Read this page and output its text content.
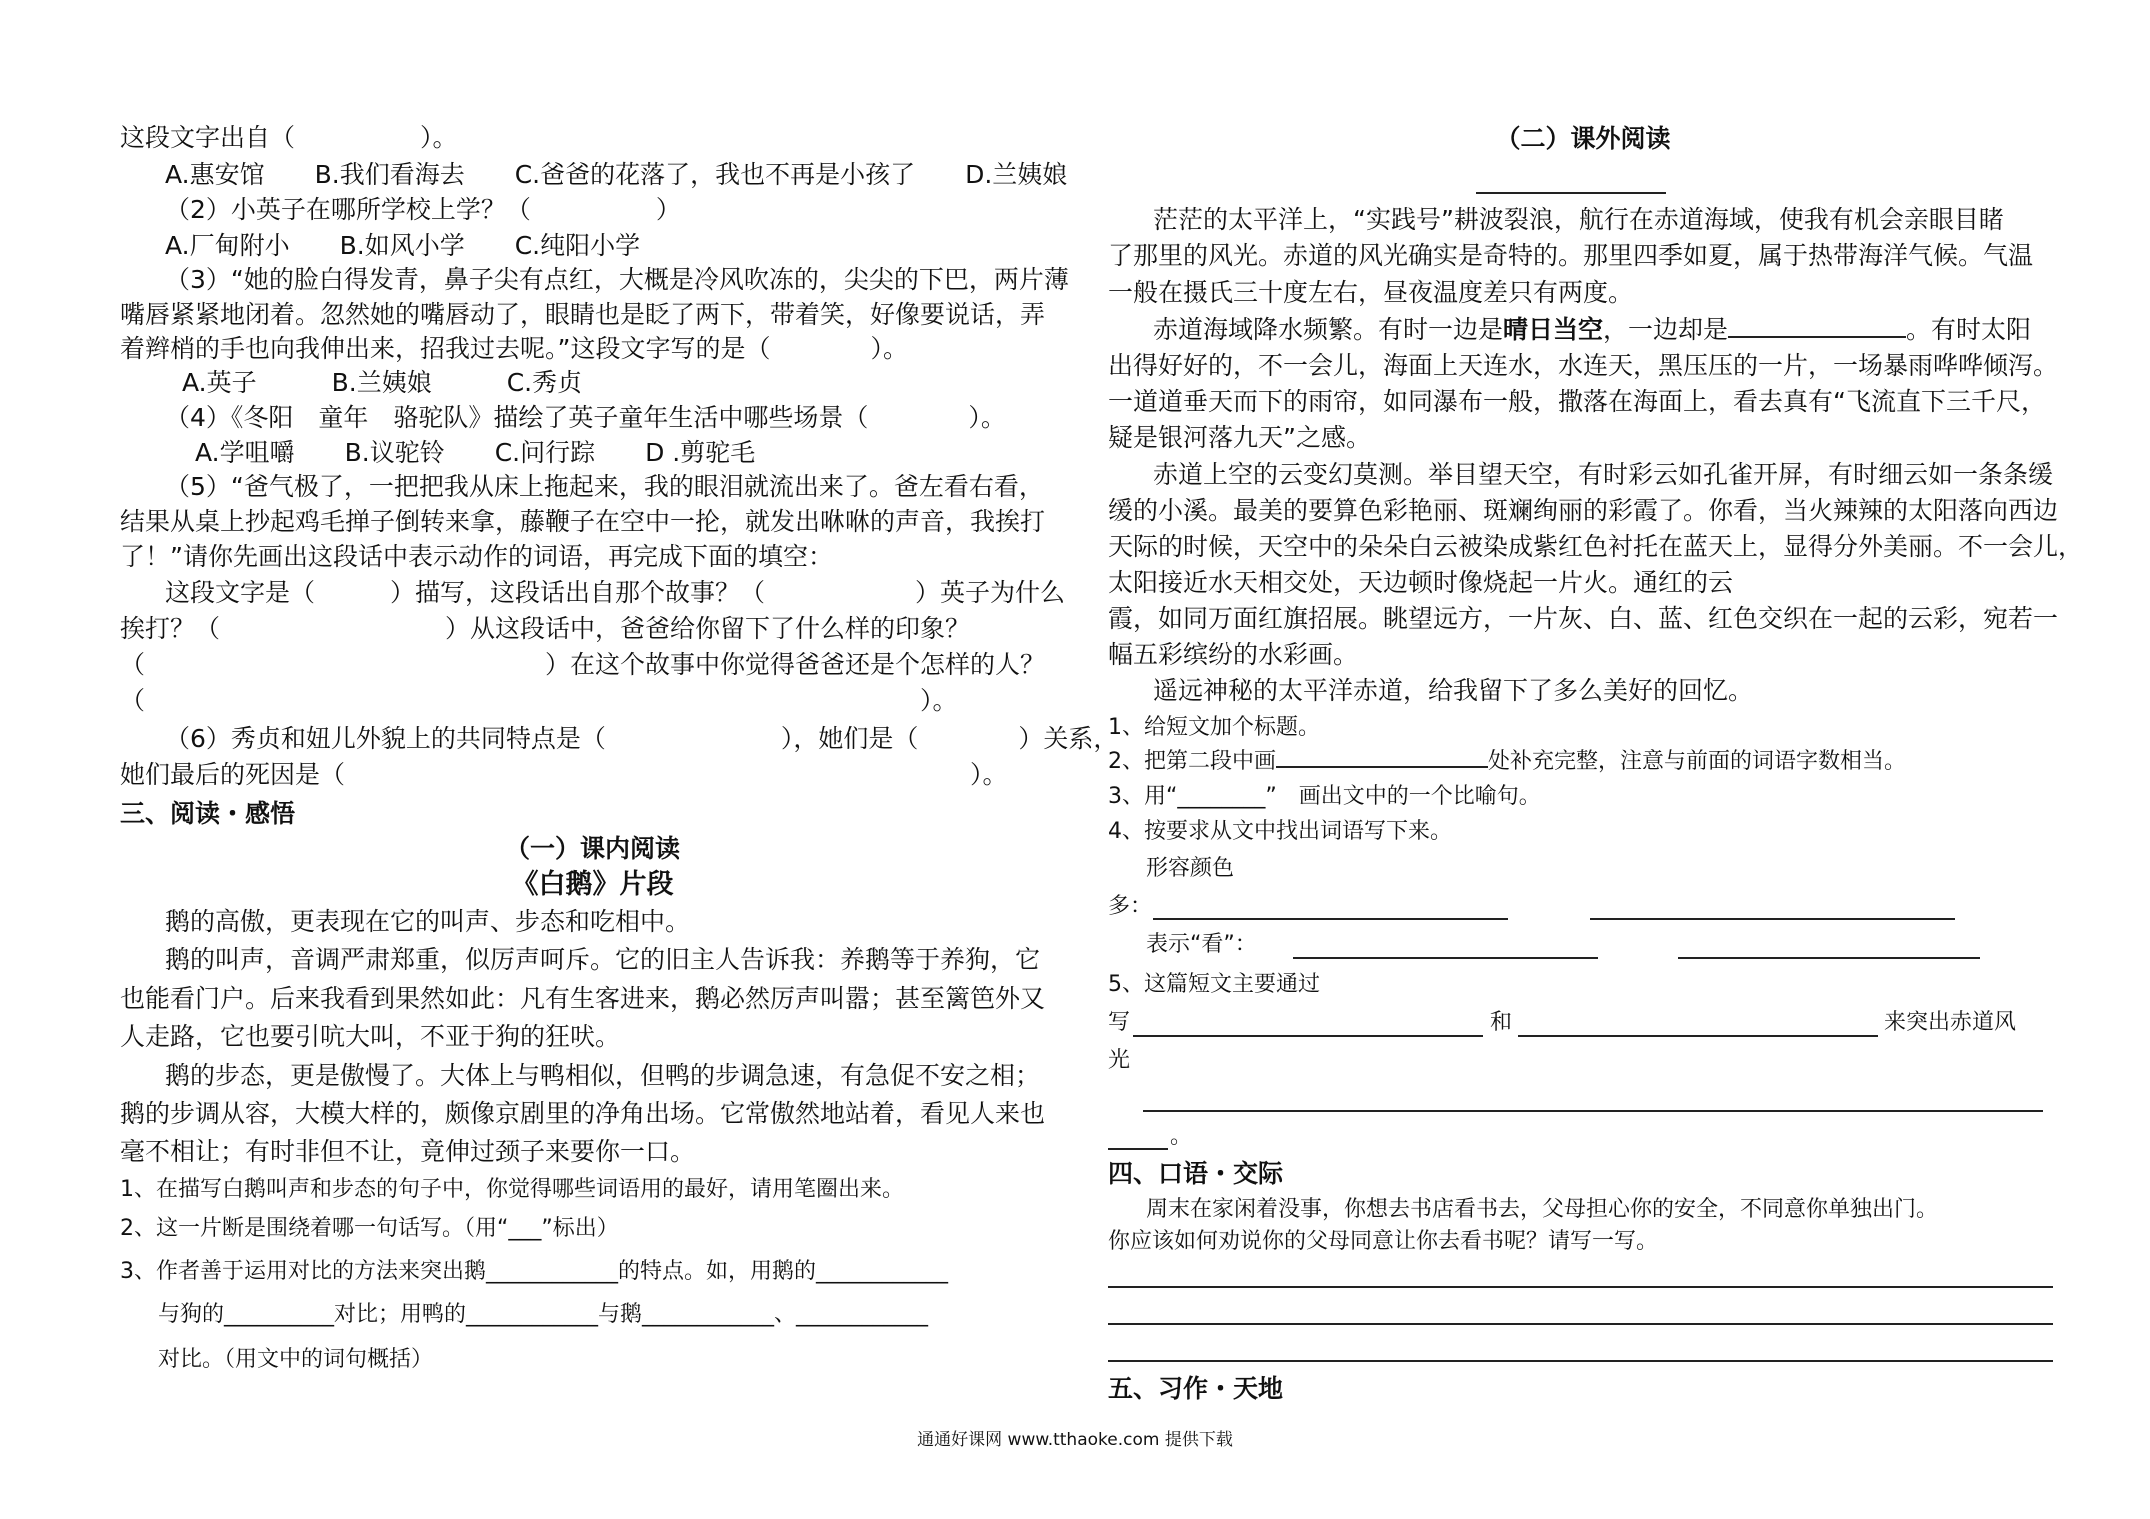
这段文字出自（　　　　　）。
A.惠安馆　　B.我们看海去　　C.爸爸的花落了，我也不再是小孩了　　D.兰姨娘
（2）小英子在哪所学校上学？（　　　　　）
A.厂甸附小　　B.如风小学　　C.纯阳小学
（3）“她的脸白得发青，鼻子尖有点红，大概是冷风吹冻的，尖尖的下巴，两片薄
嘴唇紧紧地闭着。忽然她的嘴唇动了，眼睛也是眨了两下，带着笑，好像要说话，弄
着辫梢的手也向我伸出来，招我过去呢。”这段文字写的是（　　　　）。
A.英子　　　B.兰姨娘　　　C.秀贞
（4）《冬阳　童年　骆驼队》描绘了英子童年生活中哪些场景（　　　　）。
A.学咀嚼　　B.议驼铃　　C.问行踪　　D .剪驼毛
（5）“爸气极了，一把把我从床上拖起来，我的眼泪就流出来了。爸左看右看，
结果从桌上抄起鸡毛掸子倒转来拿，藤鞭子在空中一抡，就发出咻咻的声音，我挨打
了！”请你先画出这段话中表示动作的词语，再完成下面的填空：
这段文字是（　　　）描写，这段话出自那个故事？（　　　　　　）英子为什么
挨打？（　　　　　　　　　）从这段话中，爸爸给你留下了什么样的印象？
（　　　　　　　　　　　　　　　　）在这个故事中你觉得爸爸还是个怎样的人？
（　　　　　　　　　　　　　　　　　　　　　　　　　　　　　　　）。
（6）秀贞和妞儿外貌上的共同特点是（　　　　　　　），她们是（　　　　）关系，
她们最后的死因是（　　　　　　　　　　　　　　　　　　　　　　　　　）。
三、阅读・感悟
（一）课内阅读
《白鹅》片段
鹅的高傲，更表现在它的叫声、步态和吃相中。
鹅的叫声，音调严肃郑重，似厉声呵斥。它的旧主人告诉我：养鹅等于养狗，它
也能看门户。后来我看到果然如此：凡有生客进来，鹅必然厉声叫嚣；甚至篱笆外又
人走路，它也要引吭大叫，不亚于狗的狂吠。
鹅的步态，更是傲慢了。大体上与鸭相似，但鸭的步调急速，有急促不安之相；
鹅的步调从容，大模大样的，颇像京剧里的净角出场。它常傲然地站着，看见人来也
毫不相让；有时非但不让，竟伸过颈子来要你一口。
1、在描写白鹅叫声和步态的句子中，你觉得哪些词语用的最好，请用笔圈出来。
2、这一片断是围绕着哪一句话写。（用“___”标出）
3、作者善于运用对比的方法来突出鹅____________的特点。如，用鹅的____________
与狗的__________对比；用鸭的____________与鹅____________、____________
对比。（用文中的词句概括）
（二）课外阅读
茫茫的太平洋上，“实践号”耕波裂浪，航行在赤道海域，使我有机会亲眼目睹
了那里的风光。赤道的风光确实是奇特的。那里四季如夏，属于热带海洋气候。气温
一般在摄氏三十度左右，昼夜温度差只有两度。
赤道海域降水频繁。有时一边是晴日当空，一边却是	。有时太阳
出得好好的，不一会儿，海面上天连水，水连天，黑压压的一片，一场暴雨哗哗倾泻。
一道道垂天而下的雨帘，如同瀑布一般，撒落在海面上，看去真有“飞流直下三千尺，
疑是银河落九天”之感。
赤道上空的云变幻莫测。举目望天空，有时彩云如孔雀开屏，有时细云如一条条缓
缓的小溪。最美的要算色彩艳丽、斑斓绚丽的彩霞了。你看，当火辣辣的太阳落向西边
天际的时候，天空中的朵朵白云被染成紫红色衬托在蓝天上，显得分外美丽。不一会儿，
太阳接近水天相交处，天边顿时像烧起一片火。通红的云
霞，如同万面红旗招展。眺望远方，一片灰、白、蓝、红色交织在一起的云彩，宛若一
幅五彩缤纷的水彩画。
遥远神秘的太平洋赤道，给我留下了多么美好的回忆。
1、给短文加个标题。
2、把第二段中画	处补充完整，注意与前面的词语字数相当。
3、用“________”　画出文中的一个比喻句。
4、按要求从文中找出词语写下来。
形容颜色
多：
表示“看”：
5、这篇短文主要通过
写	和	来突出赤道风
光
。
四、口语・交际
周末在家闲着没事，你想去书店看书去，父母担心你的安全，不同意你单独出门。
你应该如何劝说你的父母同意让你去看书呢？请写一写。
五、习作・天地
通通好课网 www.tthaoke.com 提供下载
